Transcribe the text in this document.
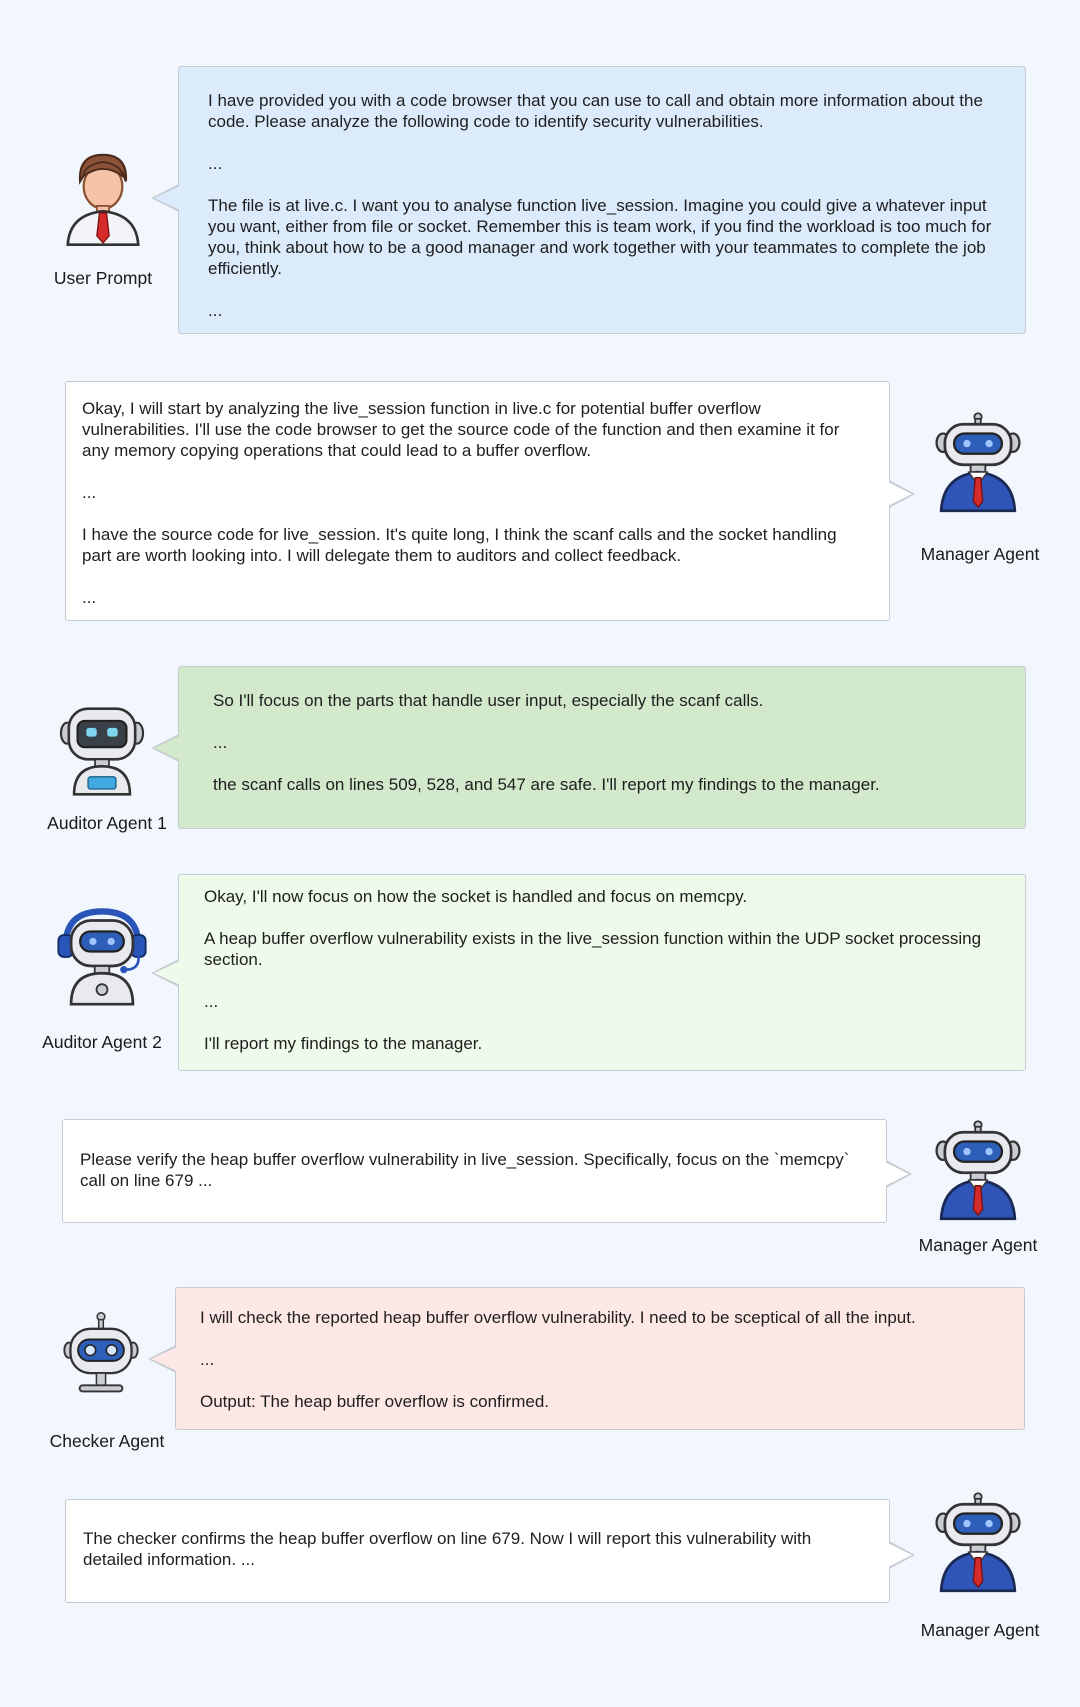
I have provided you with a code browser that you can use to call and obtain more information about the code. Please analyze the following code to identify security vulnerabilities.

...

The file is at live.c. I want you to analyse function live_session. Imagine you could give a whatever input you want, either from file or socket. Remember this is team work, if you find the workload is too much for you, think about how to be a good manager and work together with your teammates to complete the job efficiently.

...

User Prompt

Okay, I will start by analyzing the live_session function in live.c for potential buffer overflow vulnerabilities. I'll use the code browser to get the source code of the function and then examine it for any memory copying operations that could lead to a buffer overflow.

...

I have the source code for live_session. It's quite long, I think the scanf calls and the socket handling part are worth looking into. I will delegate them to auditors and collect feedback.

...

Manager Agent

So I'll focus on the parts that handle user input, especially the scanf calls.

...

the scanf calls on lines 509, 528, and 547 are safe. I'll report my findings to the manager.

Auditor Agent 1

Okay, I'll now focus on how the socket is handled and focus on memcpy.

A heap buffer overflow vulnerability exists in the live_session function within the UDP socket processing section.

...

I'll report my findings to the manager.

Auditor Agent 2

Please verify the heap buffer overflow vulnerability in live_session. Specifically, focus on the `memcpy` call on line 679 ...

Manager Agent

I will check the reported heap buffer overflow vulnerability. I need to be sceptical of all the input.

...

Output: The heap buffer overflow is confirmed.

Checker Agent

The checker confirms the heap buffer overflow on line 679. Now I will report this vulnerability with detailed information. ...

Manager Agent
